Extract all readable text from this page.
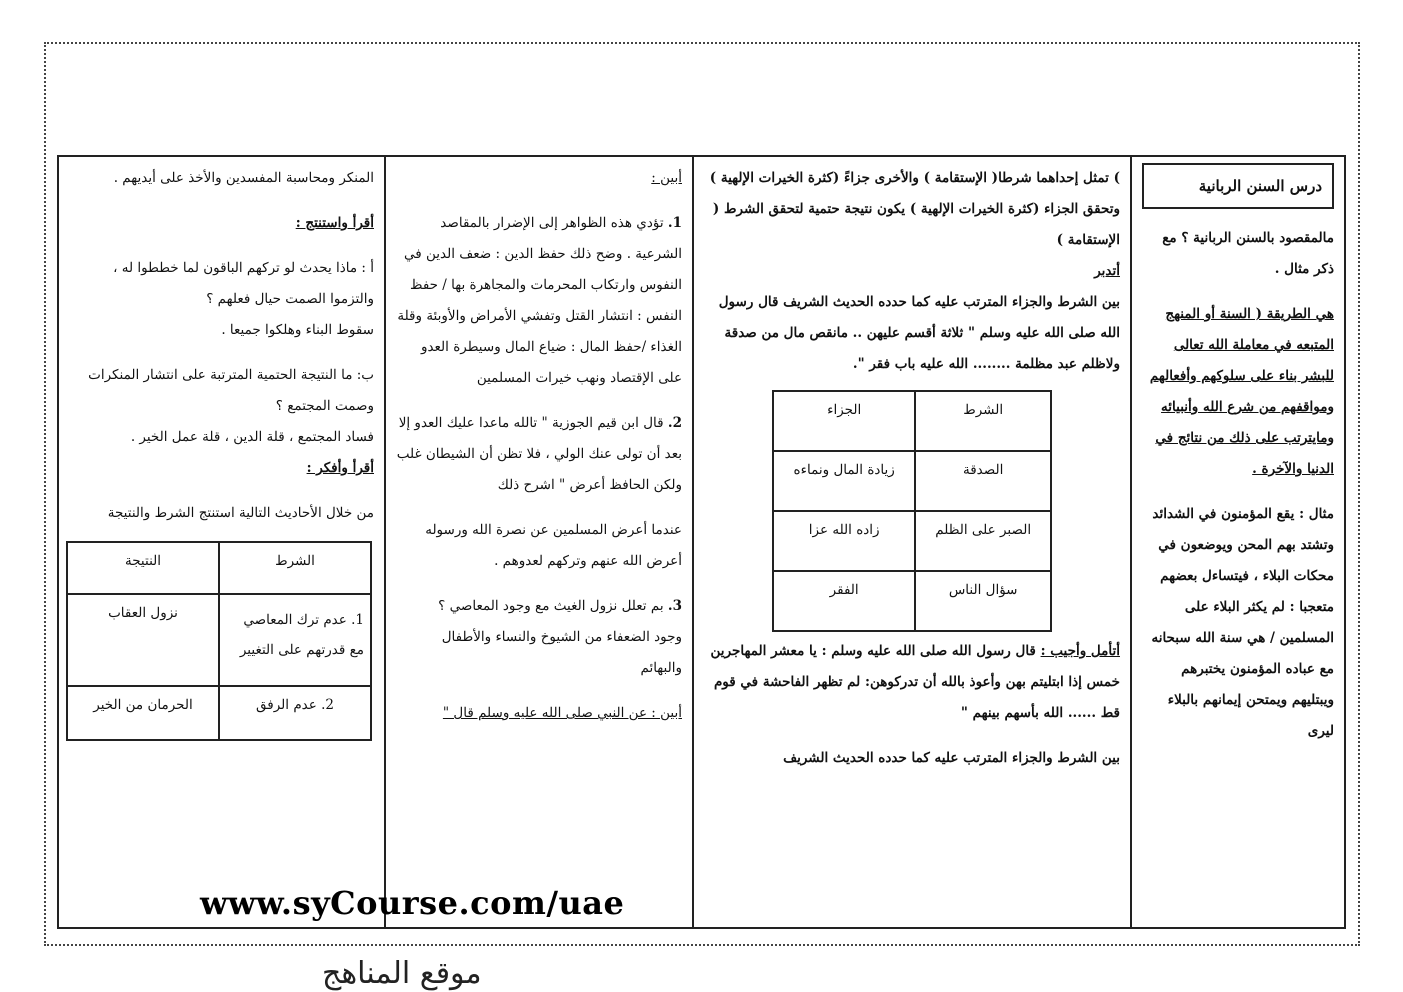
درس السنن الربانية

مالمقصود بالسنن الربانية ؟ مع ذكر مثال .

هي الطريقة ( السنة أو المنهج المتبعه في معاملة الله تعالى للبشر بناء على سلوكهم وأفعالهم ومواقفهم من شرع الله وأنبيائه ومايترتب على ذلك من نتائج في الدنيا والآخرة .

مثال : يقع المؤمنون في الشدائد وتشتد بهم المحن ويوضعون في محكات البلاء ، فيتساءل بعضهم متعجبا : لم يكثر البلاء على المسلمين / هي سنة الله سبحانه مع عباده المؤمنون يختبرهم ويبتليهم ويمتحن إيمانهم بالبلاء ليرى

) تمثل إحداهما شرطا( الإستقامة ) والأخرى جزاءً (كثرة الخيرات الإلهية ) وتحقق الجزاء (كثرة الخيرات الإلهية ) يكون نتيجة حتمية لتحقق الشرط ( الإستقامة )

أتدبر

بين الشرط والجزاء المترتب عليه كما حدده الحديث الشريف قال رسول الله صلى الله عليه وسلم " ثلاثة أقسم عليهن .. مانقص مال من صدقة ولاظلم عبد مظلمة ........ الله عليه باب فقر ".

الشرط	الجزاء
الصدقة	زيادة المال ونماءه
الصبر على الظلم	زاده الله عزا
سؤال الناس	الفقر

أتأمل وأجيب : قال رسول الله صلى الله عليه وسلم : يا معشر المهاجرين خمس إذا ابتليتم بهن وأعوذ بالله أن تدركوهن: لم تظهر الفاحشة في قوم قط ...... الله بأسهم بينهم "

بين الشرط والجزاء المترتب عليه كما حدده الحديث الشريف

أبين :

1. تؤدي هذه الظواهر إلى الإضرار بالمقاصد الشرعية . وضح ذلك حفظ الدين : ضعف الدين في النفوس وارتكاب المحرمات والمجاهرة بها / حفظ النفس : انتشار القتل وتفشي الأمراض والأوبئة وقلة الغذاء /حفظ المال : ضياع المال وسيطرة العدو على الإقتصاد ونهب خيرات المسلمين

2. قال ابن قيم الجوزية " تالله ماعدا عليك العدو إلا بعد أن تولى عنك الولي ، فلا تظن أن الشيطان غلب ولكن الحافظ أعرض " اشرح ذلك

عندما أعرض المسلمين عن نصرة الله ورسوله أعرض الله عنهم وتركهم لعدوهم .

3. بم تعلل نزول الغيث مع وجود المعاصي ؟

وجود الضعفاء من الشيوخ والنساء والأطفال والبهائم

أبين : عن النبي صلى الله عليه وسلم قال "

المنكر ومحاسبة المفسدين والأخذ على أيديهم .

أقرأ واستنتج :

أ : ماذا يحدث لو تركهم الباقون لما خططوا له ، والتزموا الصمت حيال فعلهم ؟

سقوط البناء وهلكوا جميعا .

ب: ما النتيجة الحتمية المترتبة على انتشار المنكرات وصمت المجتمع ؟

فساد المجتمع ، قلة الدين ، قلة عمل الخير .

أقرأ وأفكر :

من خلال الأحاديث التالية استنتج الشرط والنتيجة

الشرط	النتيجة
1. عدم ترك المعاصي مع قدرتهم على التغيير	نزول العقاب
2. عدم الرفق	الحرمان من الخير
www.syCourse.com/uae
موقع المناهج
